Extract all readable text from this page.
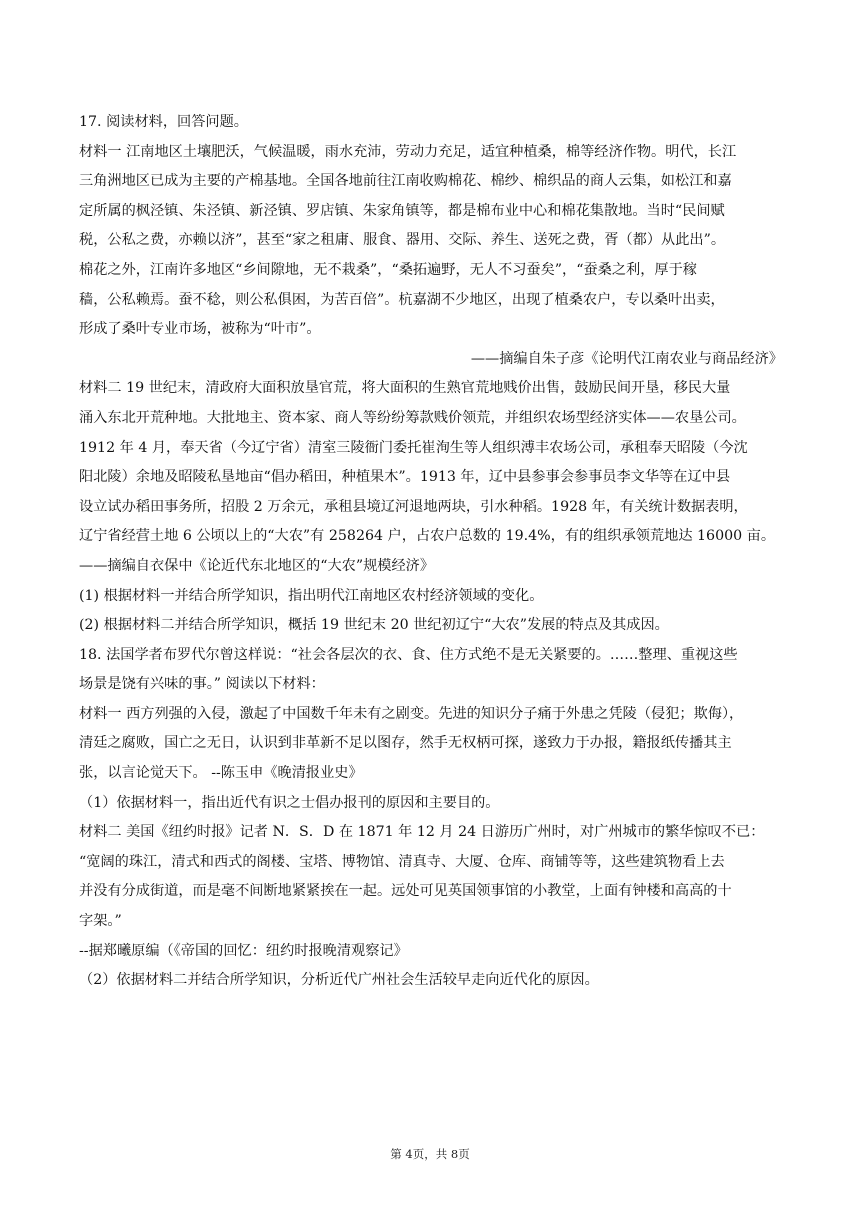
17. 阅读材料，回答问题。
材料一 江南地区土壤肥沃，气候温暖，雨水充沛，劳动力充足，适宜种植桑，棉等经济作物。明代，长江
三角洲地区已成为主要的产棉基地。全国各地前往江南收购棉花、棉纱、棉织品的商人云集，如松江和嘉
定所属的枫泾镇、朱泾镇、新泾镇、罗店镇、朱家角镇等，都是棉布业中心和棉花集散地。当时“民间赋
税，公私之费，亦赖以济”，甚至“家之租庸、服食、器用、交际、养生、送死之费，胥（都）从此出”。
棉花之外，江南许多地区“乡间隙地，无不栽桑”，“桑拓遍野，无人不习蚕矣”，“蚕桑之利，厚于稼
穑，公私赖焉。蚕不稔，则公私俱困，为苦百倍”。杭嘉湖不少地区，出现了植桑农户，专以桑叶出卖，
形成了桑叶专业市场，被称为“叶市”。
——摘编自朱子彦《论明代江南农业与商品经济》
材料二 19 世纪末，清政府大面积放垦官荒，将大面积的生熟官荒地贱价出售，鼓励民间开垦，移民大量
涌入东北开荒种地。大批地主、资本家、商人等纷纷筹款贱价领荒，并组织农场型经济实体——农垦公司。
1912 年 4 月，奉天省（今辽宁省）清室三陵衙门委托崔洵生等人组织溥丰农场公司，承租奉天昭陵（今沈
阳北陵）余地及昭陵私垦地亩“倡办稻田，种植果木”。1913 年，辽中县参事会参事员李文华等在辽中县
设立试办稻田事务所，招股 2 万余元，承租县境辽河退地两块，引水种稻。1928 年，有关统计数据表明，
辽宁省经营土地 6 公顷以上的“大农”有 258264 户，占农户总数的 19.4%，有的组织承领荒地达 16000 亩。
——摘编自衣保中《论近代东北地区的“大农”规模经济》
(1) 根据材料一并结合所学知识，指出明代江南地区农村经济领域的变化。
(2) 根据材料二并结合所学知识，概括 19 世纪末 20 世纪初辽宁“大农”发展的特点及其成因。
18. 法国学者布罗代尔曾这样说：“社会各层次的衣、食、住方式绝不是无关紧要的。……整理、重视这些
场景是饶有兴味的事。” 阅读以下材料：
材料一 西方列强的入侵，激起了中国数千年未有之剧变。先进的知识分子痛于外患之凭陵（侵犯；欺侮），
清廷之腐败，国亡之无日，认识到非革新不足以图存，然手无权柄可探，遂致力于办报，籍报纸传播其主
张，以言论觉天下。 --陈玉申《晚清报业史》
（1）依据材料一，指出近代有识之士倡办报刊的原因和主要目的。
材料二 美国《纽约时报》记者 N．S．D 在 1871 年 12 月 24 日游历广州时，对广州城市的繁华惊叹不已：
“宽阔的珠江，清式和西式的阁楼、宝塔、博物馆、清真寺、大厦、仓库、商铺等等，这些建筑物看上去
并没有分成街道，而是毫不间断地紧紧挨在一起。远处可见英国领事馆的小教堂，上面有钟楼和高高的十
字架。”
--据郑曦原编（《帝国的回忆：纽约时报晚清观察记》
（2）依据材料二并结合所学知识，分析近代广州社会生活较早走向近代化的原因。
第 4页，共 8页
